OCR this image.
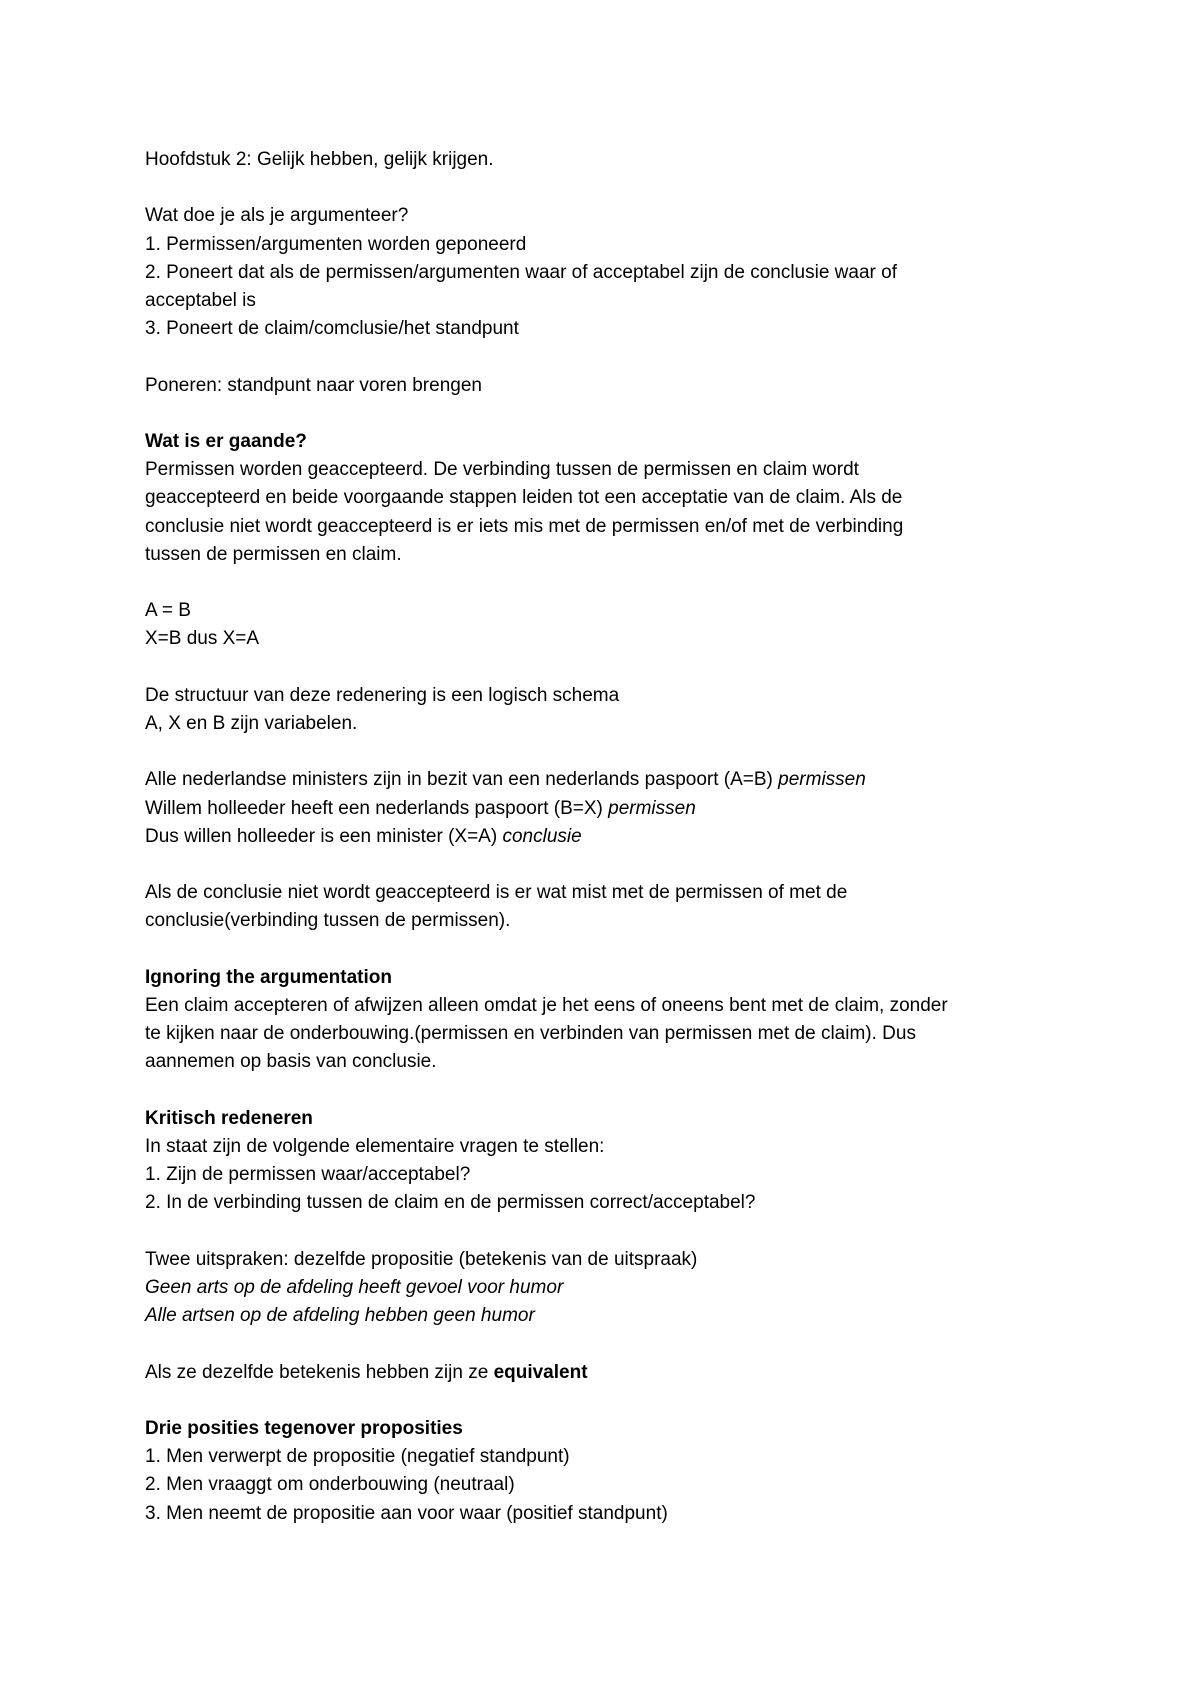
Hoofdstuk 2: Gelijk hebben, gelijk krijgen.

Wat doe je als je argumenteer?

1. Permissen/argumenten worden geponeerd

2. Poneert dat als de permissen/argumenten waar of acceptabel zijn de conclusie waar of

acceptabel is

3. Poneert de claim/comclusie/het standpunt

Poneren: standpunt naar voren brengen

Wat is er gaande?

Permissen worden geaccepteerd. De verbinding tussen de permissen en claim wordt

geaccepteerd en beide voorgaande stappen leiden tot een acceptatie van de claim. Als de

conclusie niet wordt geaccepteerd is er iets mis met de permissen en/of met de verbinding

tussen de permissen en claim.

A = B

X=B dus X=A

De structuur van deze redenering is een logisch schema

A, X en B zijn variabelen.

Alle nederlandse ministers zijn in bezit van een nederlands paspoort (A=B) permissen

Willem holleeder heeft een nederlands paspoort (B=X) permissen

Dus willen holleeder is een minister (X=A) conclusie

Als de conclusie niet wordt geaccepteerd is er wat mist met de permissen of met de

conclusie(verbinding tussen de permissen).

Ignoring the argumentation

Een claim accepteren of afwijzen alleen omdat je het eens of oneens bent met de claim, zonder

te kijken naar de onderbouwing.(permissen en verbinden van permissen met de claim). Dus

aannemen op basis van conclusie.

Kritisch redeneren

In staat zijn de volgende elementaire vragen te stellen:

1. Zijn de permissen waar/acceptabel?

2. In de verbinding tussen de claim en de permissen correct/acceptabel?

Twee uitspraken: dezelfde propositie (betekenis van de uitspraak)

Geen arts op de afdeling heeft gevoel voor humor

Alle artsen op de afdeling hebben geen humor

Als ze dezelfde betekenis hebben zijn ze equivalent

Drie posities tegenover proposities

1. Men verwerpt de propositie (negatief standpunt)

2. Men vraaggt om onderbouwing (neutraal)

3. Men neemt de propositie aan voor waar (positief standpunt)
